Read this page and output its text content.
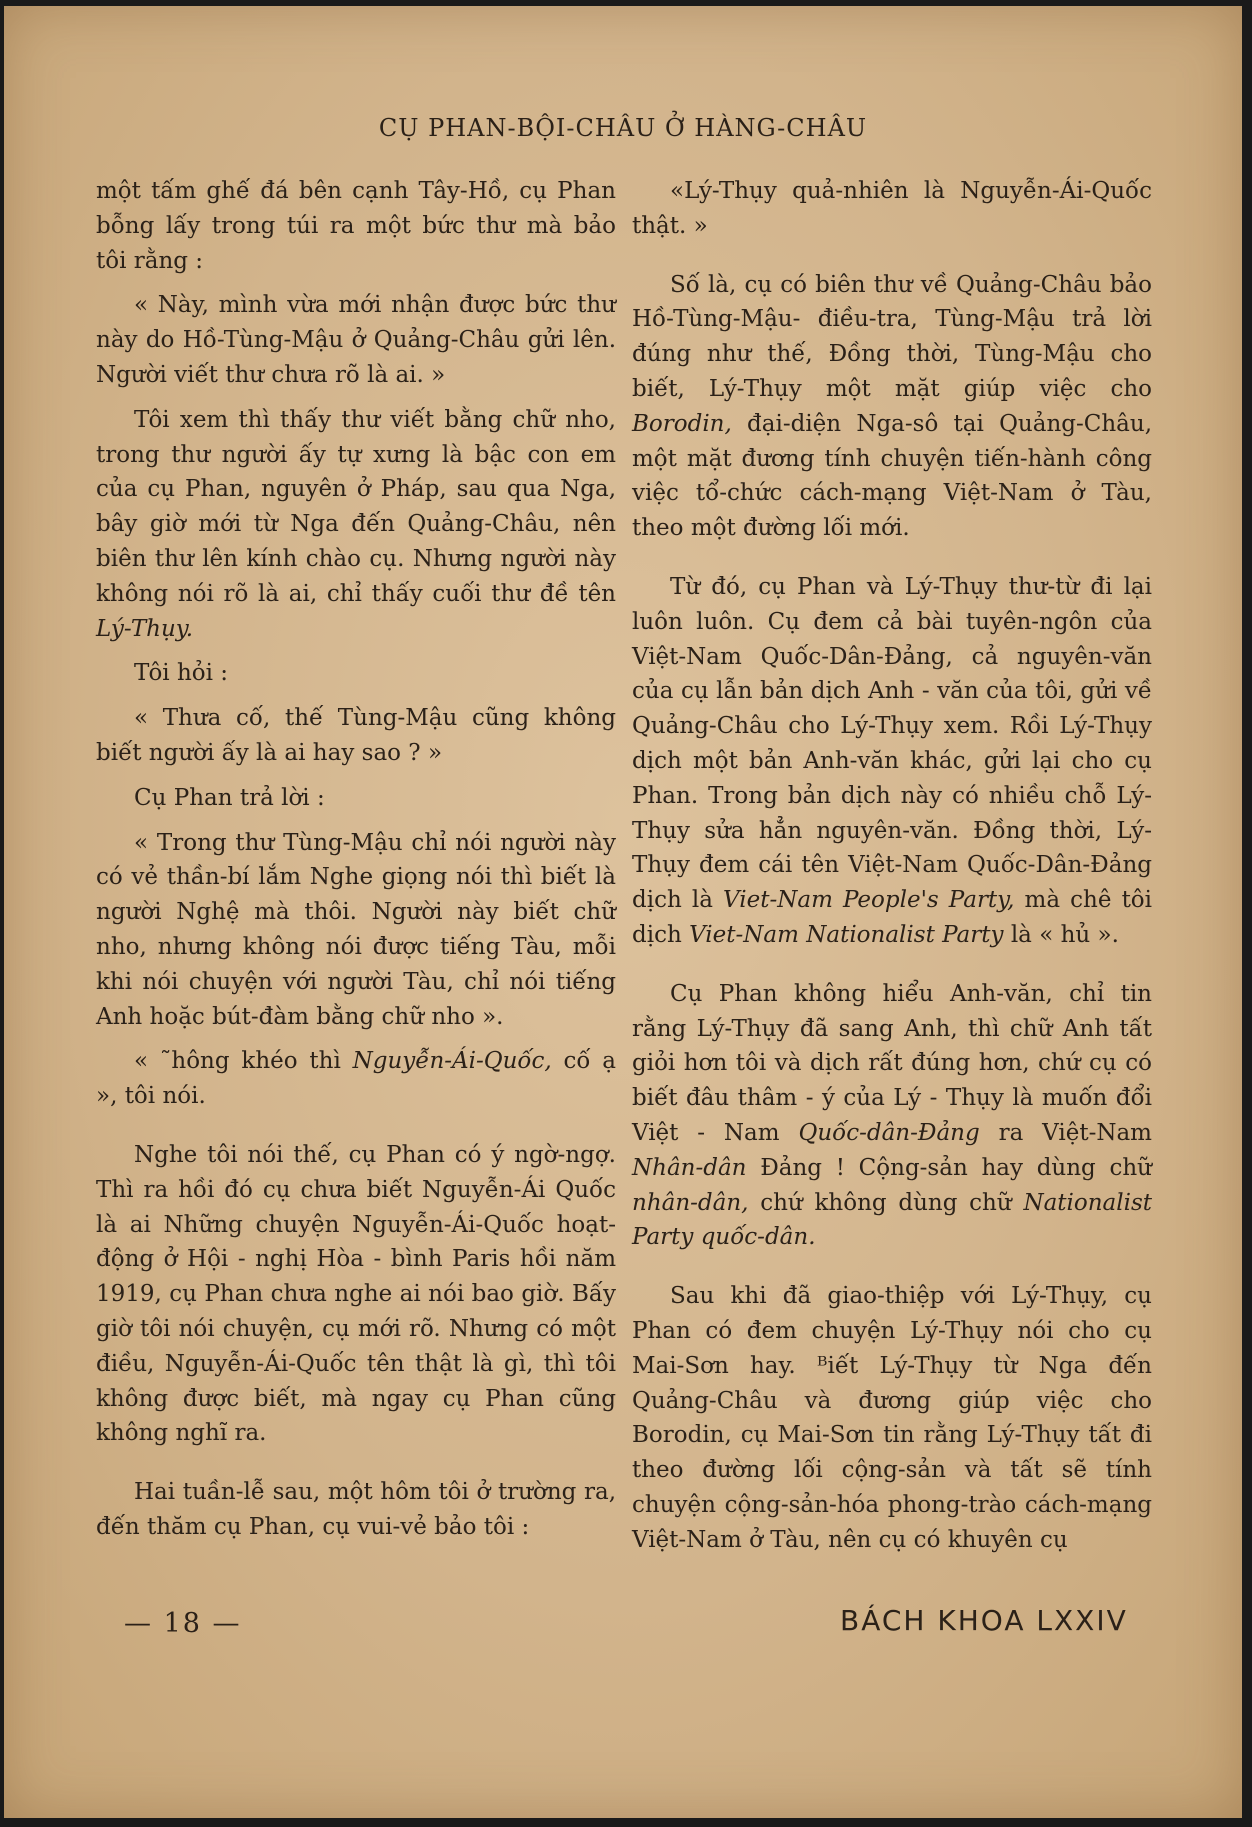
CỤ PHAN-BỘI-CHÂU Ở HÀNG-CHÂU

một tấm ghế đá bên cạnh Tây-Hồ, cụ Phan bỗng lấy trong túi ra một bức thư mà bảo tôi rằng :

« Này, mình vừa mới nhận được bức thư này do Hồ-Tùng-Mậu ở Quảng-Châu gửi lên. Người viết thư chưa rõ là ai. »

Tôi xem thì thấy thư viết bằng chữ nho, trong thư người ấy tự xưng là bậc con em của cụ Phan, nguyên ở Pháp, sau qua Nga, bây giờ mới từ Nga đến Quảng-Châu, nên biên thư lên kính chào cụ. Nhưng người này không nói rõ là ai, chỉ thấy cuối thư đề tên Lý-Thụy.

Tôi hỏi :

« Thưa cố, thế Tùng-Mậu cũng không biết người ấy là ai hay sao ? »

Cụ Phan trả lời :

« Trong thư Tùng-Mậu chỉ nói người này có vẻ thần-bí lắm Nghe giọng nói thì biết là người Nghệ mà thôi. Người này biết chữ nho, nhưng không nói được tiếng Tàu, mỗi khi nói chuyện với người Tàu, chỉ nói tiếng Anh hoặc bút-đàm bằng chữ nho ».

« ˜hông khéo thì Nguyễn-Ái-Quốc, cố ạ », tôi nói.

Nghe tôi nói thế, cụ Phan có ý ngờ-ngợ. Thì ra hồi đó cụ chưa biết Nguyễn-Ái Quốc là ai Những chuyện Nguyễn-Ái-Quốc hoạt-động ở Hội - nghị Hòa - bình Paris hồi năm 1919, cụ Phan chưa nghe ai nói bao giờ. Bấy giờ tôi nói chuyện, cụ mới rõ. Nhưng có một điều, Nguyễn-Ái-Quốc tên thật là gì, thì tôi không được biết, mà ngay cụ Phan cũng không nghĩ ra.

Hai tuần-lễ sau, một hôm tôi ở trường ra, đến thăm cụ Phan, cụ vui-vẻ bảo tôi :

«Lý-Thụy quả-nhiên là Nguyễn-Ái-Quốc thật. »

Số là, cụ có biên thư về Quảng-Châu bảo Hồ-Tùng-Mậu- điều-tra, Tùng-Mậu trả lời đúng như thế, Đồng thời, Tùng-Mậu cho biết, Lý-Thụy một mặt giúp việc cho Borodin, đại-diện Nga-sô tại Quảng-Châu, một mặt đương tính chuyện tiến-hành công việc tổ-chức cách-mạng Việt-Nam ở Tàu, theo một đường lối mới.

Từ đó, cụ Phan và Lý-Thụy thư-từ đi lại luôn luôn. Cụ đem cả bài tuyên-ngôn của Việt-Nam Quốc-Dân-Đảng, cả nguyên-văn của cụ lẫn bản dịch Anh - văn của tôi, gửi về Quảng-Châu cho Lý-Thụy xem. Rồi Lý-Thụy dịch một bản Anh-văn khác, gửi lại cho cụ Phan. Trong bản dịch này có nhiều chỗ Lý-Thụy sửa hẳn nguyên-văn. Đồng thời, Lý-Thụy đem cái tên Việt-Nam Quốc-Dân-Đảng dịch là Viet-Nam People's Party, mà chê tôi dịch Viet-Nam Nationalist Party là « hủ ».

Cụ Phan không hiểu Anh-văn, chỉ tin rằng Lý-Thụy đã sang Anh, thì chữ Anh tất giỏi hơn tôi và dịch rất đúng hơn, chứ cụ có biết đâu thâm - ý của Lý - Thụy là muốn đổi Việt - Nam Quốc-dân-Đảng ra Việt-Nam Nhân-dân Đảng ! Cộng-sản hay dùng chữ nhân-dân, chứ không dùng chữ Nationalist Party quốc-dân.

Sau khi đã giao-thiệp với Lý-Thụy, cụ Phan có đem chuyện Lý-Thụy nói cho cụ Mai-Sơn hay. ᴮiết Lý-Thụy từ Nga đến Quảng-Châu và đương giúp việc cho Borodin, cụ Mai-Sơn tin rằng Lý-Thụy tất đi theo đường lối cộng-sản và tất sẽ tính chuyện cộng-sản-hóa phong-trào cách-mạng Việt-Nam ở Tàu, nên cụ có khuyên cụ

— 18 —	BÁCH KHOA LXXIV
